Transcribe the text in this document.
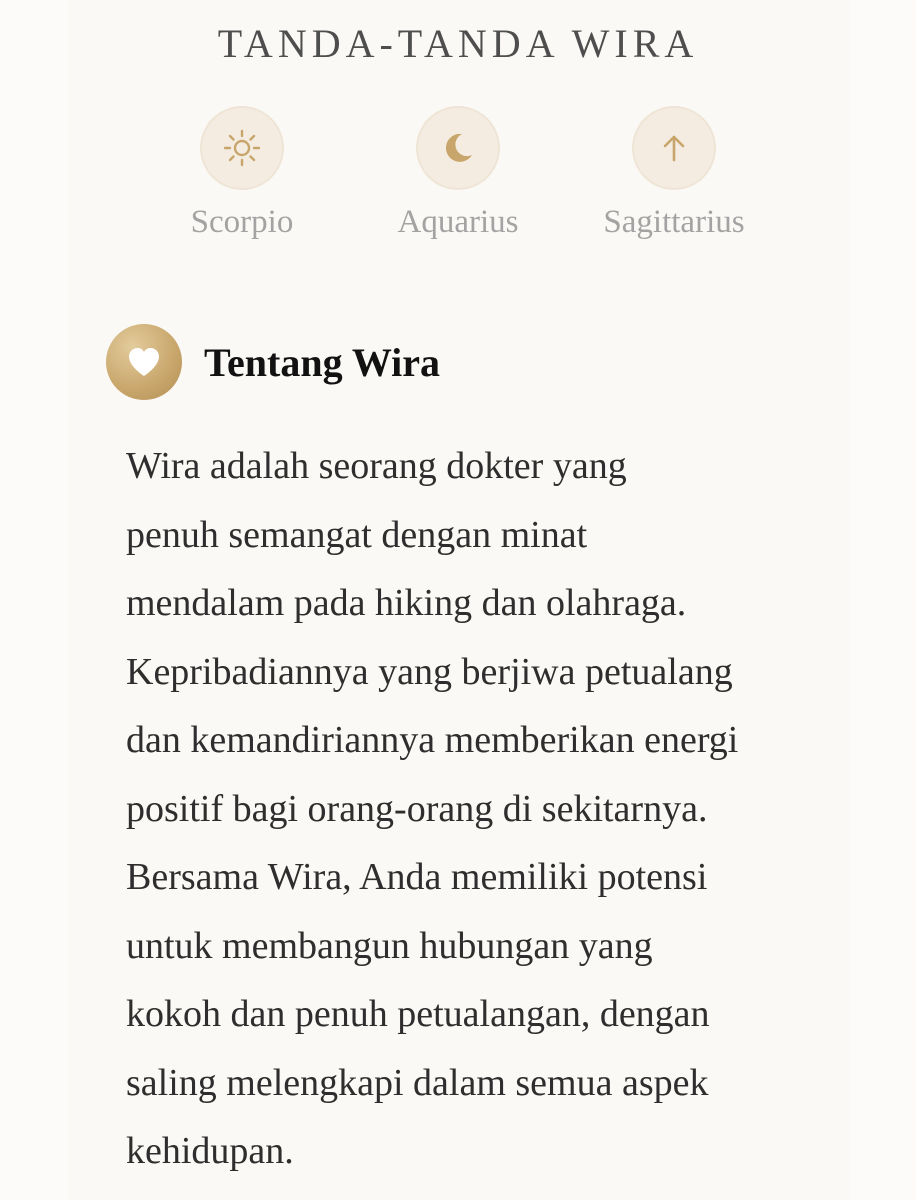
TANDA-TANDA WIRA
Scorpio	Aquarius	Sagittarius
Tentang Wira

Wira adalah seorang dokter yang
penuh semangat dengan minat
mendalam pada hiking dan olahraga.
Kepribadiannya yang berjiwa petualang
dan kemandiriannya memberikan energi
positif bagi orang-orang di sekitarnya.
Bersama Wira, Anda memiliki potensi
untuk membangun hubungan yang
kokoh dan penuh petualangan, dengan
saling melengkapi dalam semua aspek
kehidupan.
